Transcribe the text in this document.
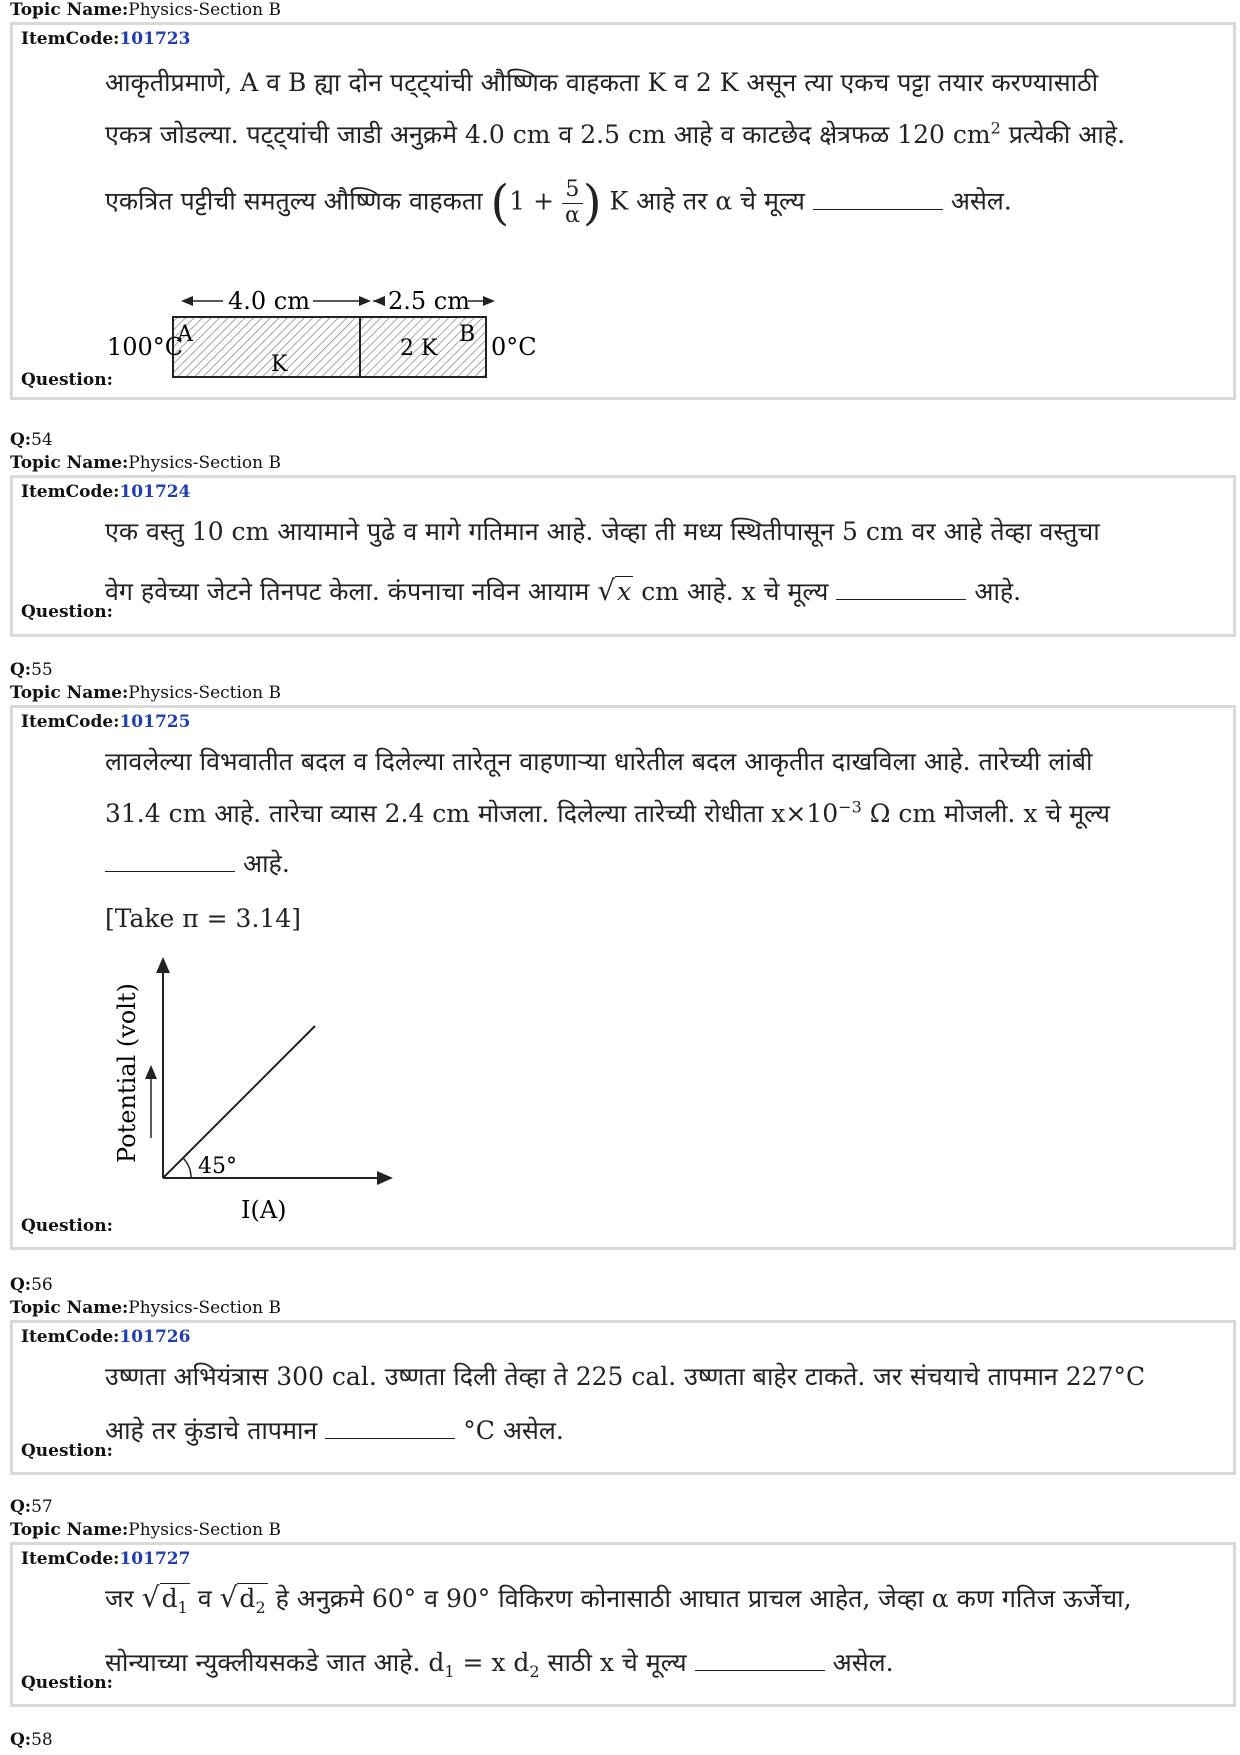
Topic Name:Physics-Section B
ItemCode:101723
आकृतीप्रमाणे, A व B ह्या दोन पट्ट्यांची औष्णिक वाहकता K व 2 K असून त्या एकच पट्टा तयार करण्यासाठी
एकत्र जोडल्या. पट्ट्यांची जाडी अनुक्रमे 4.0 cm व 2.5 cm आहे व काटछेद क्षेत्रफळ 120 $cm^2$ प्रत्येकी आहे.
एकत्रित पट्टीची समतुल्य औष्णिक वाहकता ($1 + \frac{5}{\alpha}$ ) K आहे तर α चे मूल्य	असेल.
4.0 cm	2.5 cm
100°C
A
K
2 K
B 0°C
Question:
Q:54
Topic Name:Physics-Section B
ItemCode:101724
एक वस्तु 10 cm आयामाने पुढे व मागे गतिमान आहे. जेव्हा ती मध्य स्थितीपासून 5 cm वर आहे तेव्हा वस्तुचा
वेग हवेच्या जेटने तिनपट केला. कंपनाचा नविन आयाम √x cm आहे. x चे मूल्य	आहे.
Question:
Q:55
Topic Name:Physics-Section B
ItemCode:101725
लावलेल्या विभवातीत बदल व दिलेल्या तारेतून वाहणाऱ्या धारेतील बदल आकृतीत दाखविला आहे. तारेच्यी लांबी
31.4 cm आहे. तारेचा व्यास 2.4 cm मोजला. दिलेल्या तारेच्यी रोधीता $x\times 10^{-3}$ Ω cm मोजली. x चे मूल्य
आहे.
[Take π = 3.14]
45°
Potential (volt)
I(A)
Question:
Q:56
Topic Name:Physics-Section B
ItemCode:101726
उष्णता अभियंत्रास 300 cal. उष्णता दिली तेव्हा ते 225 cal. उष्णता बाहेर टाकते. जर संचयाचे तापमान 227°C
आहे तर कुंडाचे तापमान	°C असेल.
Question:
Q:57
Topic Name:Physics-Section B
ItemCode:101727
जर $√d_1$ व $√d_2$ हे अनुक्रमे 60° व 90° विकिरण कोनासाठी आघात प्राचल आहेत, जेव्हा α कण गतिज ऊर्जेचा,
सोन्याच्या न्युक्लीयसकडे जात आहे. $d_1 = x$ $d_2$ साठी x चे मूल्य	असेल.
Question:
Q:58
